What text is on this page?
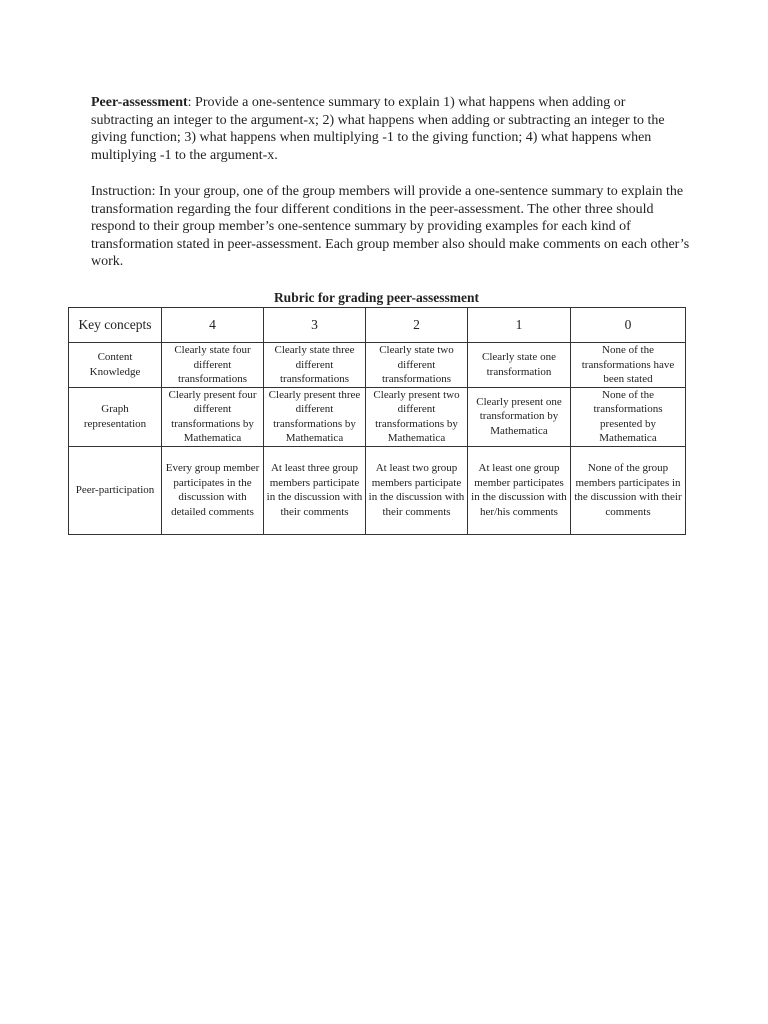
Peer-assessment: Provide a one-sentence summary to explain 1) what happens when adding or subtracting an integer to the argument-x; 2) what happens when adding or subtracting an integer to the giving function; 3) what happens when multiplying -1 to the giving function; 4) what happens when multiplying -1 to the argument-x.

Instruction: In your group, one of the group members will provide a one-sentence summary to explain the transformation regarding the four different conditions in the peer-assessment. The other three should respond to their group member’s one-sentence summary by providing examples for each kind of transformation stated in peer-assessment. Each group member also should make comments on each other’s work.

Rubric for grading peer-assessment

Key concepts	4	3	2	1	0
Content Knowledge	Clearly state four different transformations	Clearly state three different transformations	Clearly state two different transformations	Clearly state one transformation	None of the transformations have been stated
Graph representation	Clearly present four different transformations by Mathematica	Clearly present three different transformations by Mathematica	Clearly present two different transformations by Mathematica	Clearly present one transformation by Mathematica	None of the transformations presented by Mathematica
Peer-participation	Every group member participates in the discussion with detailed comments	At least three group members participate in the discussion with their comments	At least two group members participate in the discussion with their comments	At least one group member participates in the discussion with her/his comments	None of the group members participates in the discussion with their comments
